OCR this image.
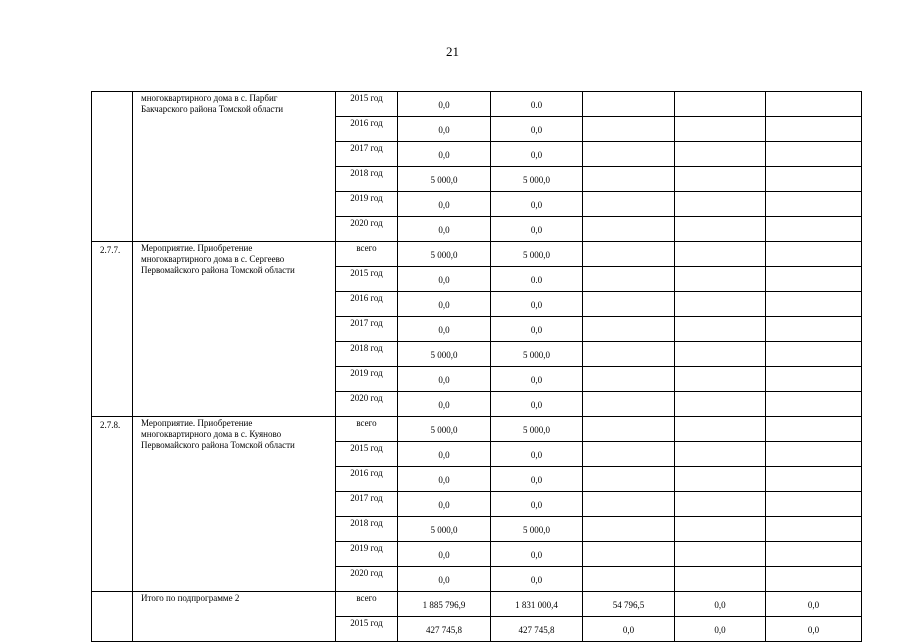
21

	многоквартирного дома в с. Парбиг
Бакчарского района Томской области	2015 год	0,0	0.0			
		2016 год	0,0	0,0			
		2017 год	0,0	0,0			
		2018 год	5 000,0	5 000,0			
		2019 год	0,0	0,0			
		2020 год	0,0	0,0			
2.7.7.	Мероприятие. Приобретение
многоквартирного дома в с. Сергеево
Первомайского района Томской области	всего	5 000,0	5 000,0			
		2015 год	0,0	0.0			
		2016 год	0,0	0,0			
		2017 год	0,0	0,0			
		2018 год	5 000,0	5 000,0			
		2019 год	0,0	0,0			
		2020 год	0,0	0,0			
2.7.8.	Мероприятие. Приобретение
многоквартирного дома в с. Куяново
Первомайского района Томской области	всего	5 000,0	5 000,0			
		2015 год	0,0	0,0			
		2016 год	0,0	0,0			
		2017 год	0,0	0,0			
		2018 год	5 000,0	5 000,0			
		2019 год	0,0	0,0			
		2020 год	0,0	0,0			

	Итого по подпрограмме 2	всего	1 885 796,9	1 831 000,4	54 796,5	0,0	0,0
		2015 год	427 745,8	427 745,8	0,0	0,0	0,0
